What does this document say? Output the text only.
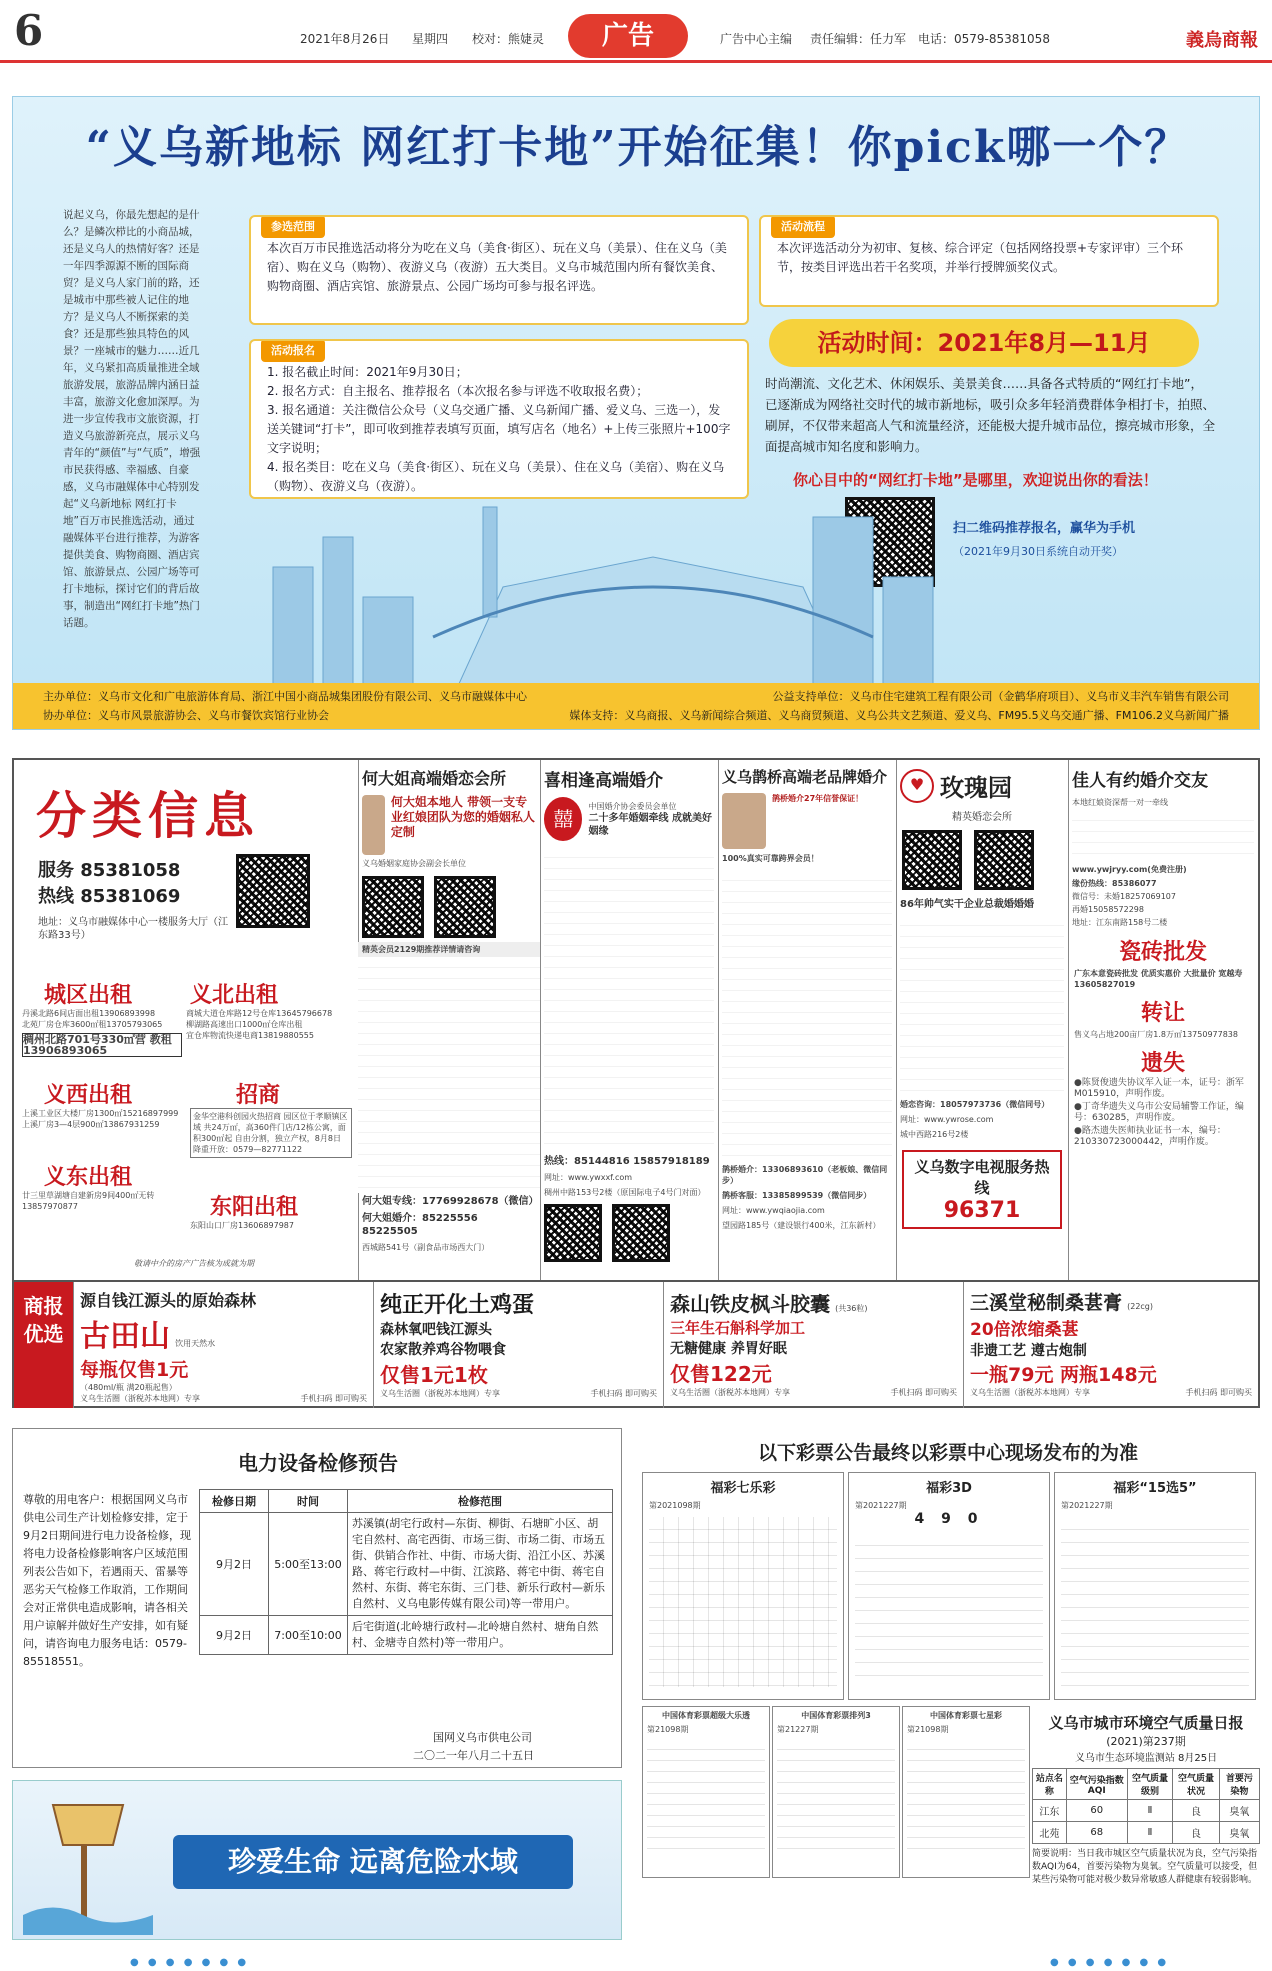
6	2021年8月26日 星期四 校对：熊婕灵	广告	广告中心主编 责任编辑：任力军 电话：0579-85381058	義烏商報
“义乌新地标 网红打卡地”开始征集！你pick哪一个？
说起义乌，你最先想起的是什么？是鳞次栉比的小商品城，还是义乌人的热情好客？还是一年四季源源不断的国际商贸？是义乌人家门前的路，还是城市中那些被人记住的地方？是义乌人不断探索的美食？还是那些独具特色的风景？一座城市的魅力……近几年，义乌紧扣高质量推进全域旅游发展，旅游品牌内涵日益丰富，旅游文化愈加深厚。为进一步宣传我市文旅资源，打造义乌旅游新亮点，展示义乌青年的“颜值”与“气质”，增强市民获得感、幸福感、自豪感，义乌市融媒体中心特别发起“义乌新地标 网红打卡地”百万市民推选活动，通过融媒体平台进行推荐，为游客提供美食、购物商圈、酒店宾馆、旅游景点、公园广场等可打卡地标，探讨它们的背后故事，制造出“网红打卡地”热门话题。
参选范围
本次百万市民推选活动将分为吃在义乌（美食·街区）、玩在义乌（美景）、住在义乌（美宿）、购在义乌（购物）、夜游义乌（夜游）五大类目。义乌市城范围内所有餐饮美食、购物商圈、酒店宾馆、旅游景点、公园广场均可参与报名评选。
活动报名
1. 报名截止时间：2021年9月30日；
2. 报名方式：自主报名、推荐报名（本次报名参与评选不收取报名费）；
3. 报名通道：关注微信公众号（义乌交通广播、义乌新闻广播、爱义乌、三选一），发送关键词“打卡”，即可收到推荐表填写页面，填写店名（地名）+上传三张照片+100字文字说明；
4. 报名类目：吃在义乌（美食·街区）、玩在义乌（美景）、住在义乌（美宿）、购在义乌（购物）、夜游义乌（夜游）。
活动流程
本次评选活动分为初审、复核、综合评定（包括网络投票+专家评审）三个环节，按类目评选出若干名奖项，并举行授牌颁奖仪式。
活动时间：2021年8月—11月
时尚潮流、文化艺术、休闲娱乐、美景美食……具备各式特质的“网红打卡地”，已逐渐成为网络社交时代的城市新地标，吸引众多年轻消费群体争相打卡，拍照、刷屏，不仅带来超高人气和流量经济，还能极大提升城市品位，擦亮城市形象，全面提高城市知名度和影响力。
你心目中的“网红打卡地”是哪里，欢迎说出你的看法！
扫二维码推荐报名，赢华为手机
（2021年9月30日系统自动开奖）
主办单位：义乌市文化和广电旅游体育局、浙江中国小商品城集团股份有限公司、义乌市融媒体中心	公益支持单位：义乌市住宅建筑工程有限公司（金鹤华府项目）、义乌市义丰汽车销售有限公司
协办单位：义乌市风景旅游协会、义乌市餐饮宾馆行业协会	媒体支持：义乌商报、义乌新闻综合频道、义乌商贸频道、义乌公共文艺频道、爱义乌、FM95.5义乌交通广播、FM106.2义乌新闻广播
分类信息
服务 85381058
热线 85381069
地址：义乌市融媒体中心一楼服务大厅（江东路33号）
城区出租
丹溪北路6间店面出租13906893998
北苑厂房仓库3600㎡租13705793065
稠州北路701号330㎡营 教租 13906893065
义北出租
商城大道仓库路12号仓库13645796678
柳湖路高速出口1000㎡仓库出租
宜仓库物流快递电商13819880555
义西出租
上溪工业区大楼厂房1300㎡15216897999
上溪厂房3—4层900㎡13867931259
招商
金华空港科创园火热招商 园区位于孝顺镇区域 共24万㎡，高360件门店/12栋公寓，面积300㎡起 自由分割，独立产权，8月8日 降重开放：0579—82771122
义东出租
廿三里草湖塘自建新房9间400㎡无转13857970877	东阳出租
东阳山口厂房13606897987
敬请中介的房产广告核为成就为期
何大姐高端婚恋会所
何大姐本地人 带领一支专业红娘团队为您的婚姻私人定制
义乌婚姻家庭协会副会长单位
精英会员2129期推荐详情请咨询
何大姐专线：17769928678（微信）
何大姐婚介：85225556 85225505
西城路541号（副食品市场西大门）
喜相逢高端婚介
囍
中国婚介协会委员会单位
二十多年婚姻牵线 成就美好姻缘
热线：85144816 15857918189
网址：www.ywxxf.com
稠州中路153号2楼（原国际电子4号门对面）
义乌鹊桥高端老品牌婚介
鹊桥婚介27年信誉保证！
100%真实可靠跨界会员！
鹊桥婚介：13306893610（老板娘、微信同步）
鹊桥客服：13385899539（微信同步）
网址：www.ywqiaojia.com
望园路185号（建设银行400米，江东新村）
♥ 玫瑰园
精英婚恋会所
86年帅气实干企业总裁婚婚婚
婚恋咨询：18057973736（微信同号）
网址：www.ywrose.com
城中西路216号2楼
义乌数字电视服务热线
96371
佳人有约婚介交友
本地红娘资深帮一对一牵线
www.ywjryy.com(免费注册)
缘份热线：85386077
微信号：未婚18257069107
再婚15058572298
地址：江东南路158号二楼
瓷砖批发
广东本意瓷砖批发 优质实惠价 大批量价 宽越寿 13605827019
转让
售义乌占地200亩厂房1.8万㎡13750977838
遗失
●陈贤俊遗失协议军入证一本，证号：浙军M015910，声明作废。
●丁奇华遗失义乌市公安局辅警工作证，编号：630285，声明作废。
●路杰遗失医师执业证书一本，编号：210330723000442，声明作废。
商报优选
源自钱江源头的原始森林
古田山 饮用天然水
每瓶仅售1元
（480ml/瓶 满20瓶起售）
义乌生活圈（浙税苏本地网）专享	手机扫码 即可购买
纯正开化土鸡蛋
森林氧吧钱江源头
农家散养鸡谷物喂食
仅售1元1枚
义乌生活圈（浙税苏本地网）专享	手机扫码 即可购买
森山铁皮枫斗胶囊 (共36粒)
三年生石斛科学加工
无糖健康 养胃好眠
仅售122元
义乌生活圈（浙税苏本地网）专享	手机扫码 即可购买
三溪堂秘制桑葚膏 (22cg)
20倍浓缩桑葚
非遗工艺 遵古炮制
一瓶79元 两瓶148元
义乌生活圈（浙税苏本地网）专享	手机扫码 即可购买
电力设备检修预告
尊敬的用电客户：根据国网义乌市供电公司生产计划检修安排，定于9月2日期间进行电力设备检修，现将电力设备检修影响客户区域范围列表公告如下，若遇雨天、雷暴等恶劣天气检修工作取消，工作期间会对正常供电造成影响，请各相关用户谅解并做好生产安排，如有疑问，请咨询电力服务电话：0579-85518551。
检修日期	时间	检修范围
9月2日	5:00至13:00	苏溪镇(胡宅行政村—东街、柳街、石塘旷小区、胡宅自然村、高宅西街、市场三街、市场二街、市场五街、供销合作社、中街、市场大街、沿江小区、苏溪路、蒋宅行政村—中街、江滨路、蒋宅中街、蒋宅自然村、东街、蒋宅东街、三门巷、新乐行政村—新乐自然村、义乌电影传媒有限公司)等一带用户。
9月2日	7:00至10:00	后宅街道(北岭塘行政村—北岭塘自然村、塘角自然村、金塘寺自然村)等一带用户。
国网义乌市供电公司
二〇二一年八月二十五日
珍爱生命 远离危险水域
以下彩票公告最终以彩票中心现场发布的为准
福彩七乐彩
第2021098期
福彩3D
第2021227期
4 9 0
福彩“15选5”
第2021227期
中国体育彩票超级大乐透
第21098期
中国体育彩票排列3
第21227期
中国体育彩票七星彩
第21098期	义乌市城市环境空气质量日报
(2021)第237期
义乌市生态环境监测站 8月25日
站点名称	空气污染指数AQI	空气质量级别	空气质量状况	首要污染物
江东	60	Ⅱ	良	臭氧
北苑	68	Ⅱ	良	臭氧
简要说明：当日我市城区空气质量状况为良，空气污染指数AQI为64，首要污染物为臭氧。空气质量可以接受，但某些污染物可能对极少数异常敏感人群健康有较弱影响。
● ● ● ● ● ● ●	● ● ● ● ● ● ●
